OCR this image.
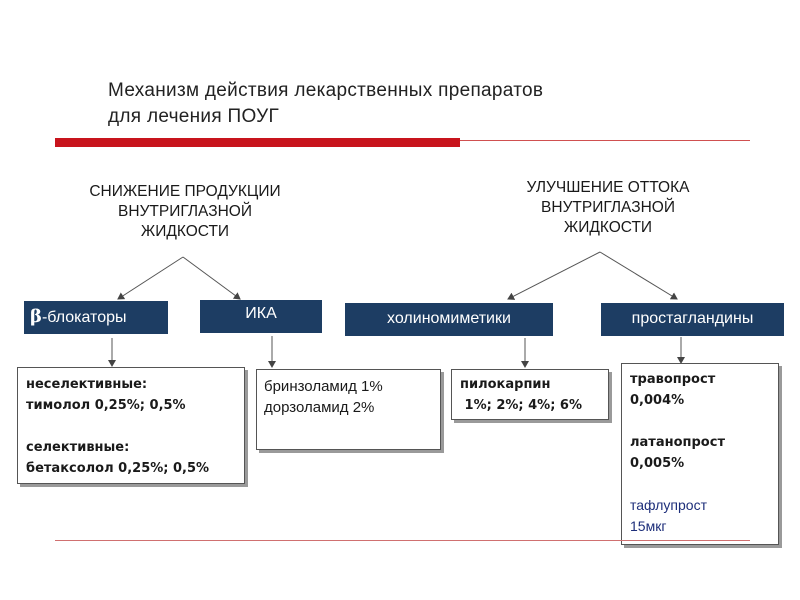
Механизм действия лекарственных препаратов
для лечения ПОУГ
СНИЖЕНИЕ ПРОДУКЦИИ
ВНУТРИГЛАЗНОЙ
ЖИДКОСТИ
УЛУЧШЕНИЕ ОТТОКА
ВНУТРИГЛАЗНОЙ
ЖИДКОСТИ
β-блокаторы	ИКА	холиномиметики	простагландины
неселективные:
тимолол 0,25%; 0,5%
селективные:
бетаксолол 0,25%; 0,5%
бринзоламид 1%
дорзоламид 2%
пилокарпин
1%; 2%; 4%; 6%
травопрост
0,004%
латанопрост
0,005%
тафлупрост
15мкг
